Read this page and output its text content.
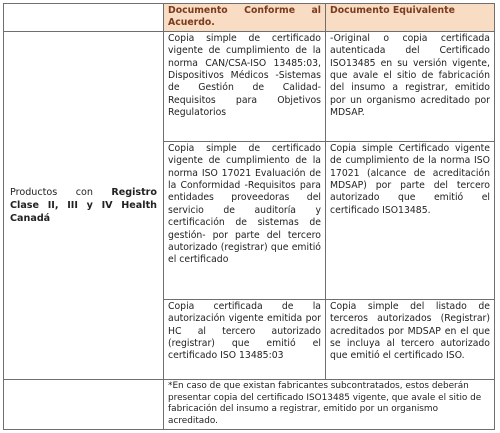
	Documento Conforme al Acuerdo.	Documento Equivalente
Productos con Registro Clase II, III y IV Health Canadá	Copia simple de certificado vigente de cumplimiento de la norma CAN/CSA-ISO 13485:03, Dispositivos Médicos -Sistemas de Gestión de Calidad-Requisitos para Objetivos Regulatorios	-Original o copia certificada autenticada del Certificado ISO13485 en su versión vigente, que avale el sitio de fabricación del insumo a registrar, emitido por un organismo acreditado por MDSAP.
	Copia simple de certificado vigente de cumplimiento de la norma ISO 17021 Evaluación de la Conformidad -Requisitos para entidades proveedoras del servicio de auditoría y certificación de sistemas de gestión- por parte del tercero autorizado (registrar) que emitió el certificado	Copia simple Certificado vigente de cumplimiento de la norma ISO 17021 (alcance de acreditación MDSAP) por parte del tercero autorizado que emitió el certificado ISO13485.
	Copia certificada de la autorización vigente emitida por HC al tercero autorizado (registrar) que emitió el certificado ISO 13485:03	Copia simple del listado de terceros autorizados (Registrar) acreditados por MDSAP en el que se incluya al tercero autorizado que emitió el certificado ISO.
	*En caso de que existan fabricantes subcontratados, estos deberán presentar copia del certificado ISO13485 vigente, que avale el sitio de fabricación del insumo a registrar, emitido por un organismo acreditado.	
